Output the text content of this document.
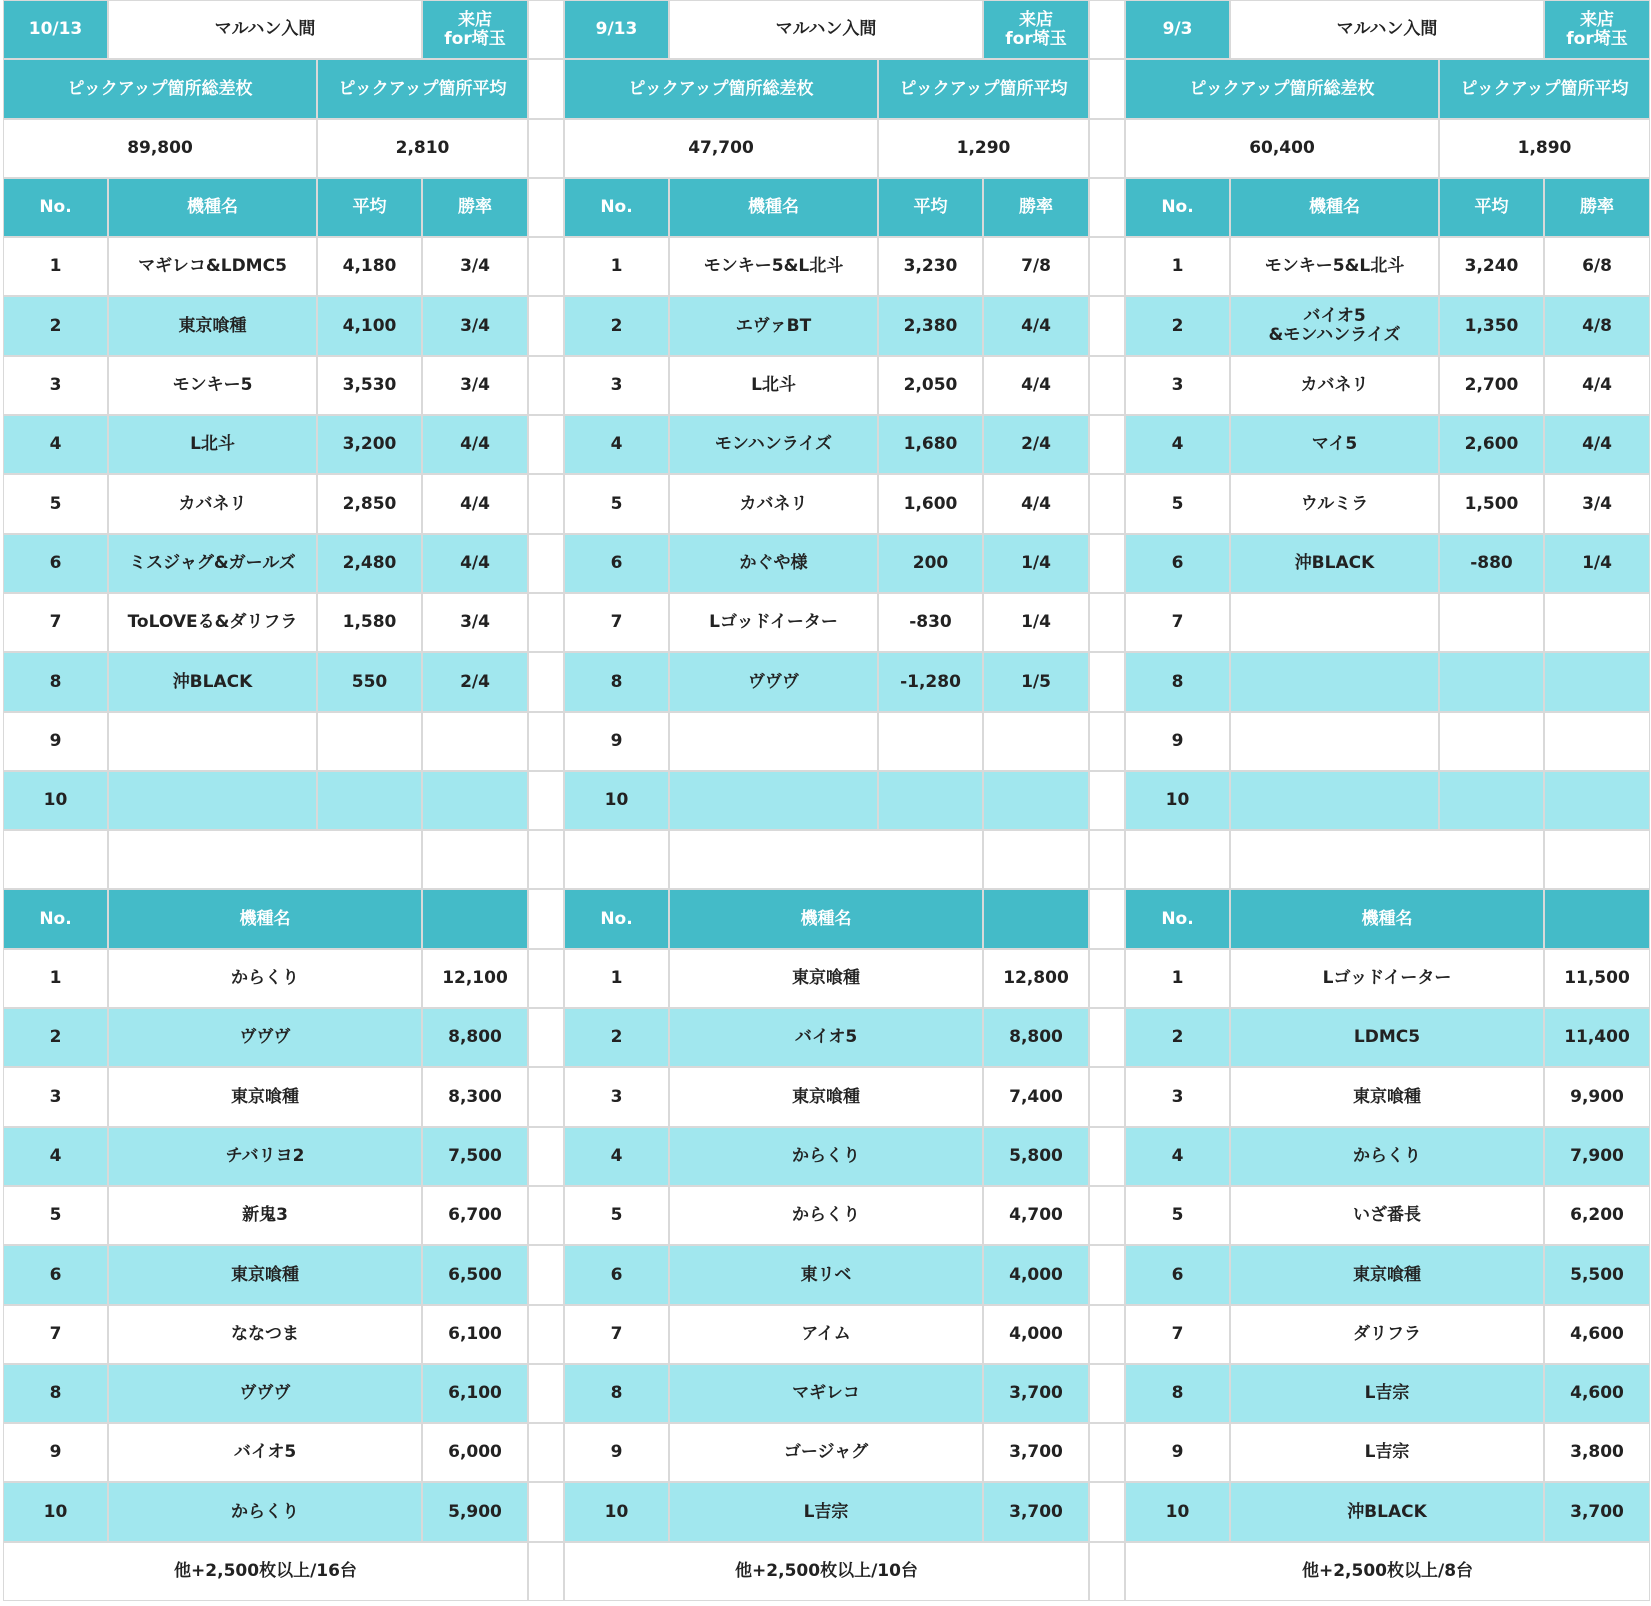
10/13	マルハン入間	来店
for埼玉
ピックアップ箇所総差枚	ピックアップ箇所平均
89,800	2,810
No.	機種名	平均	勝率
1	マギレコ&LDMC5	4,180	3/4
2	東京喰種	4,100	3/4
3	モンキー5	3,530	3/4
4	L北斗	3,200	4/4
5	カバネリ	2,850	4/4
6	ミスジャグ&ガールズ	2,480	4/4
7	ToLOVEる&ダリフラ	1,580	3/4
8	沖BLACK	550	2/4
9
10
No.	機種名
1	からくり	12,100
2	ヴヴヴ	8,800
3	東京喰種	8,300
4	チバリヨ2	7,500
5	新鬼3	6,700
6	東京喰種	6,500
7	ななつま	6,100
8	ヴヴヴ	6,100
9	バイオ5	6,000
10	からくり	5,900
他+2,500枚以上/16台
9/13	マルハン入間	来店
for埼玉
ピックアップ箇所総差枚	ピックアップ箇所平均
47,700	1,290
No.	機種名	平均	勝率
1	モンキー5&L北斗	3,230	7/8
2	エヴァBT	2,380	4/4
3	L北斗	2,050	4/4
4	モンハンライズ	1,680	2/4
5	カバネリ	1,600	4/4
6	かぐや様	200	1/4
7	Lゴッドイーター	-830	1/4
8	ヴヴヴ	-1,280	1/5
9
10
No.	機種名
1	東京喰種	12,800
2	バイオ5	8,800
3	東京喰種	7,400
4	からくり	5,800
5	からくり	4,700
6	東リベ	4,000
7	アイム	4,000
8	マギレコ	3,700
9	ゴージャグ	3,700
10	L吉宗	3,700
他+2,500枚以上/10台
9/3	マルハン入間	来店
for埼玉
ピックアップ箇所総差枚	ピックアップ箇所平均
60,400	1,890
No.	機種名	平均	勝率
1	モンキー5&L北斗	3,240	6/8
2	バイオ5
&モンハンライズ	1,350	4/8
3	カバネリ	2,700	4/4
4	マイ5	2,600	4/4
5	ウルミラ	1,500	3/4
6	沖BLACK	-880	1/4
7
8
9
10
No.	機種名
1	Lゴッドイーター	11,500
2	LDMC5	11,400
3	東京喰種	9,900
4	からくり	7,900
5	いざ番長	6,200
6	東京喰種	5,500
7	ダリフラ	4,600
8	L吉宗	4,600
9	L吉宗	3,800
10	沖BLACK	3,700
他+2,500枚以上/8台
